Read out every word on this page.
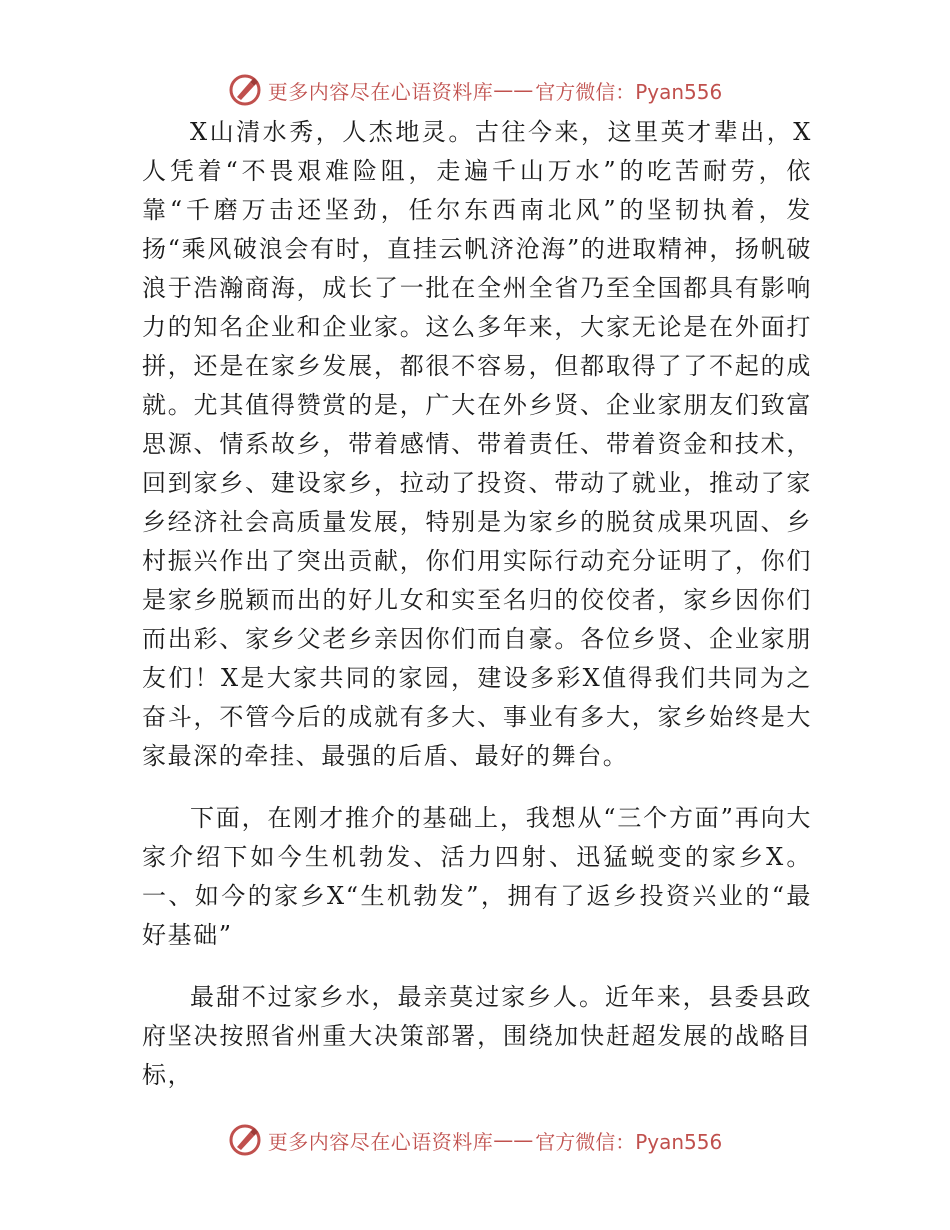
更多内容尽在心语资料库 —— 官方微信：Pyan556

X山清水秀，人杰地灵。古往今来，这里英才辈出，X人凭着“不畏艰难险阻，走遍千山万水”的吃苦耐劳，依靠“千磨万击还坚劲，任尔东西南北风”的坚韧执着，发扬“乘风破浪会有时，直挂云帆济沧海”的进取精神，扬帆破浪于浩瀚商海，成长了一批在全州全省乃至全国都具有影响力的知名企业和企业家。这么多年来，大家无论是在外面打拼，还是在家乡发展，都很不容易，但都取得了了不起的成就。尤其值得赞赏的是，广大在外乡贤、企业家朋友们致富思源、情系故乡，带着感情、带着责任、带着资金和技术，回到家乡、建设家乡，拉动了投资、带动了就业，推动了家乡经济社会高质量发展，特别是为家乡的脱贫成果巩固、乡村振兴作出了突出贡献，你们用实际行动充分证明了，你们是家乡脱颖而出的好儿女和实至名归的佼佼者，家乡因你们而出彩、家乡父老乡亲因你们而自豪。各位乡贤、企业家朋友们！X是大家共同的家园，建设多彩X值得我们共同为之奋斗，不管今后的成就有多大、事业有多大，家乡始终是大家最深的牵挂、最强的后盾、最好的舞台。

下面，在刚才推介的基础上，我想从“三个方面”再向大家介绍下如今生机勃发、活力四射、迅猛蜕变的家乡X。一、如今的家乡X“生机勃发”，拥有了返乡投资兴业的“最好基础”

最甜不过家乡水，最亲莫过家乡人。近年来，县委县政府坚决按照省州重大决策部署，围绕加快赶超发展的战略目标，

更多内容尽在心语资料库 —— 官方微信：Pyan556
